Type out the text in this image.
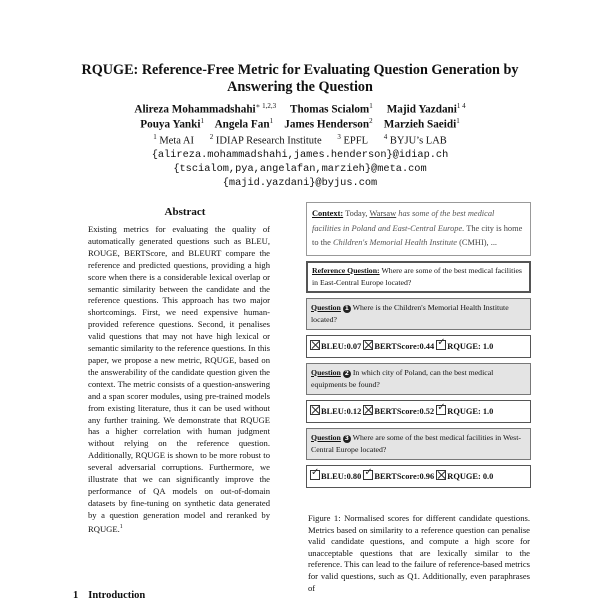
RQUGE: Reference-Free Metric for Evaluating Question Generation by Answering the Question
Alireza Mohammadshahi$^{∗ 1,2,3}$ Thomas Scialom$^1$ Majid Yazdani$^{1 4}$
Pouya Yanki$^1$ Angela Fan$^1$ James Henderson$^2$ Marzieh Saeidi$^1$
$^1$ Meta AI $^2$ IDIAP Research Institute $^3$ EPFL $^4$ BYJU’s LAB
{alireza.mohammadshahi,james.henderson}@idiap.ch
{tscialom,pya,angelafan,marzieh}@meta.com
{majid.yazdani}@byjus.com
Abstract
Existing metrics for evaluating the quality of automatically generated questions such as BLEU, ROUGE, BERTScore, and BLEURT compare the reference and predicted questions, providing a high score when there is a considerable lexical overlap or semantic similarity between the candidate and the reference questions. This approach has two major shortcomings. First, we need expensive human-provided reference questions. Second, it penalises valid questions that may not have high lexical or semantic similarity to the reference questions. In this paper, we propose a new metric, RQUGE, based on the answerability of the candidate question given the context. The metric consists of a question-answering and a span scorer modules, using pre-trained models from existing literature, thus it can be used without any further training. We demonstrate that RQUGE has a higher correlation with human judgment without relying on the reference question. Additionally, RQUGE is shown to be more robust to several adversarial corruptions. Furthermore, we illustrate that we can significantly improve the performance of QA models on out-of-domain datasets by fine-tuning on synthetic data generated by a question generation model and reranked by RQUGE.$^1$
1 Introduction
Context: Today, Warsaw has some of the best medical facilities in Poland and East-Central Europe. The city is home to the Children's Memorial Health Institute (CMHI), ...
Reference Question: Where are some of the best medical facilities in East-Central Europe located?
Question 1 Where is the Children's Memorial Health Institute located?
BLEU:0.07 BERTScore:0.44 ✓ RQUGE: 1.0
Question 2 In which city of Poland, can the best medical equipments be found?
BLEU:0.12 BERTScore:0.52 ✓ RQUGE: 1.0
Question 3 Where are some of the best medical facilities in West-Central Europe located?
✓BLEU:0.80 ✓ BERTScore:0.96 RQUGE: 0.0
Figure 1: Normalised scores for different candidate questions. Metrics based on similarity to a reference question can penalise valid candidate questions, and compute a high score for unacceptable questions that are lexically similar to the reference. This can lead to the failure of reference-based metrics for valid questions, such as Q1. Additionally, even paraphrases of
